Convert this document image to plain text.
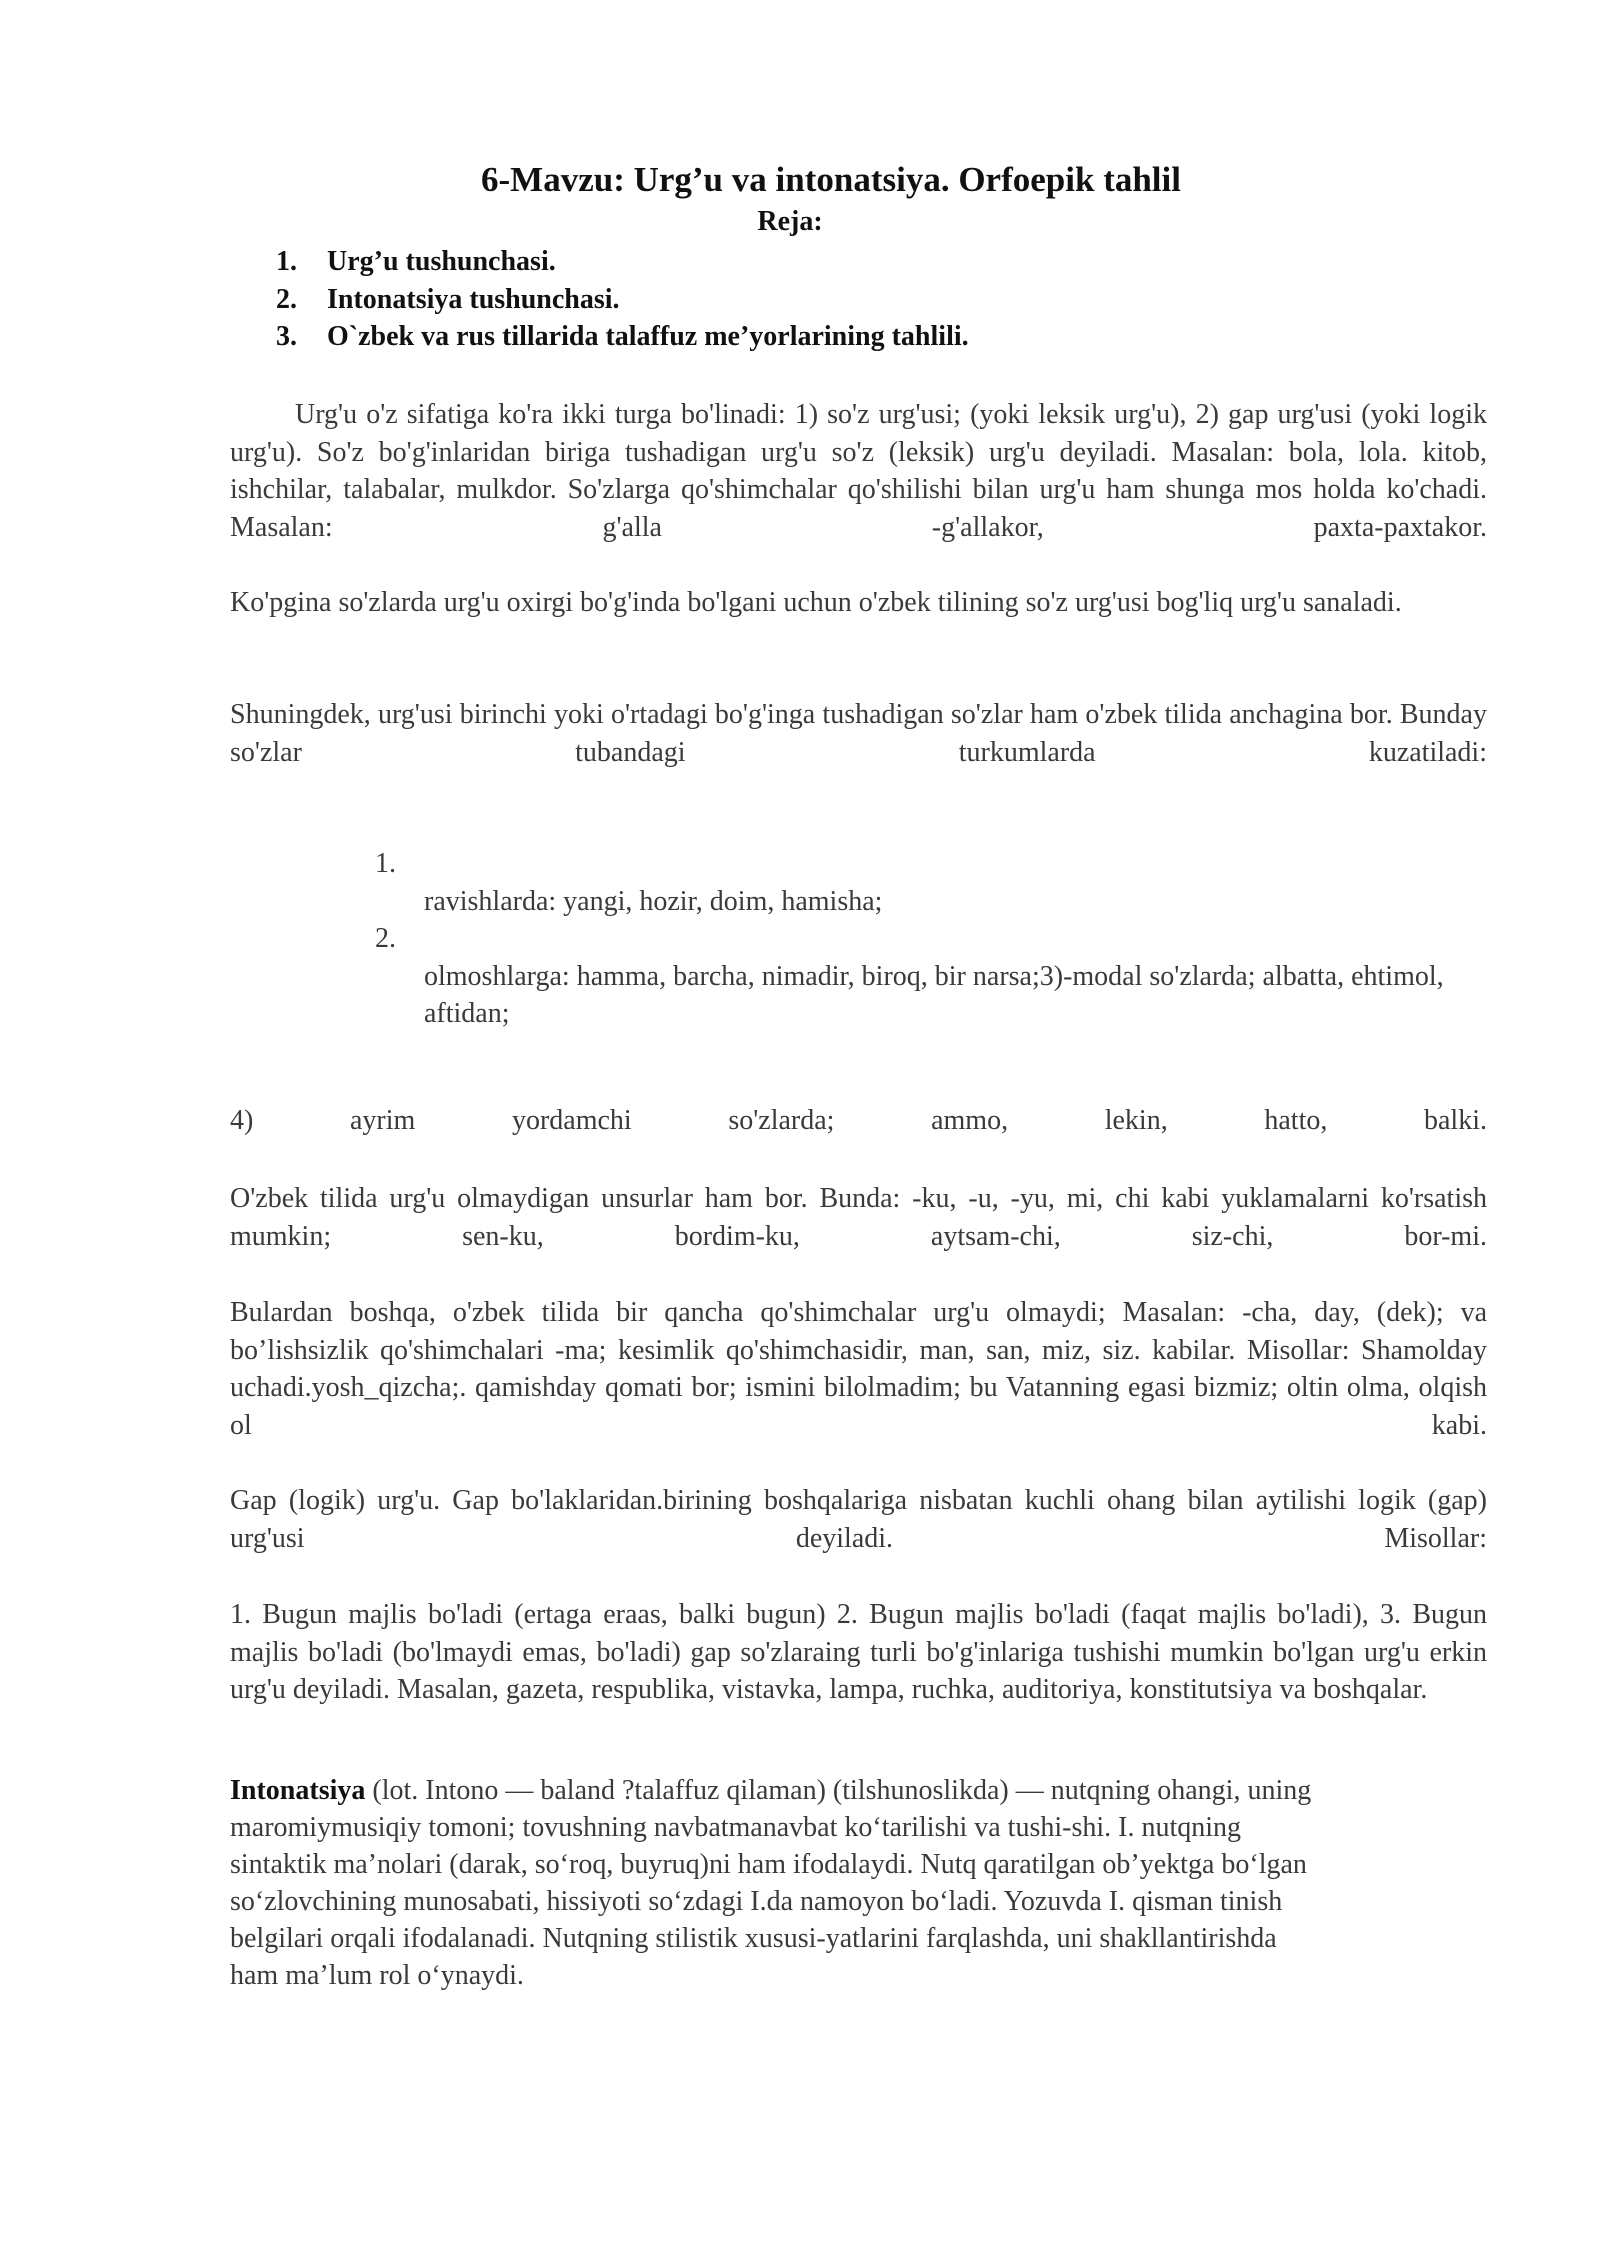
6-Mavzu: Urg’u va intonatsiya. Orfoepik tahlil
Reja:
1.	Urg’u tushunchasi.
2.	Intonatsiya tushunchasi.
3.	O`zbek va rus tillarida talaffuz me’yorlarining tahlili.

Urg'u o'z sifatiga ko'ra ikki turga bo'linadi: 1) so'z urg'usi; (yoki leksik urg'u), 2) gap urg'usi (yoki logik urg'u). So'z bo'g'inlaridan biriga tushadigan urg'u so'z (leksik) urg'u deyiladi. Masalan: bola, lola. kitob, ishchilar, talabalar, mulkdor. So'zlarga qo'shimchalar qo'shilishi bilan urg'u ham shunga mos holda ko'chadi. Masalan: g'alla -g'allakor, paxta-paxtakor.

Ko'pgina so'zlarda urg'u oxirgi bo'g'inda bo'lgani uchun o'zbek tilining so'z urg'usi bog'liq urg'u sanaladi.

Shuningdek, urg'usi birinchi yoki o'rtadagi bo'g'inga tushadigan so'zlar ham o'zbek tilida anchagina bor. Bunday so'zlar tubandagi turkumlarda kuzatiladi:

1.
ravishlarda: yangi, hozir, doim, hamisha;
2.
olmoshlarga: hamma, barcha, nimadir, biroq, bir narsa;3)-modal so'zlarda; albatta, ehtimol, aftidan;

4) ayrim yordamchi so'zlarda; ammo, lekin, hatto, balki.

O'zbek tilida urg'u olmaydigan unsurlar ham bor. Bunda: -ku, -u, -yu, mi, chi kabi yuklamalarni ko'rsatish mumkin; sen-ku, bordim-ku, aytsam-chi, siz-chi, bor-mi.

Bulardan boshqa, o'zbek tilida bir qancha qo'shimchalar urg'u olmaydi; Masalan: -cha, day, (dek); va bo’lishsizlik qo'shimchalari -ma; kesimlik qo'shimchasidir, man, san, miz, siz. kabilar. Misollar: Shamolday uchadi.yosh_qizcha;. qamishday qomati bor; ismini bilolmadim; bu Vatanning egasi bizmiz; oltin olma, olqish ol kabi.

Gap (logik) urg'u. Gap bo'laklaridan.birining boshqalariga nisbatan kuchli ohang bilan aytilishi logik (gap) urg'usi deyiladi. Misollar:

1. Bugun majlis bo'ladi (ertaga eraas, balki bugun) 2. Bugun majlis bo'ladi (faqat majlis bo'ladi), 3. Bugun majlis bo'ladi (bo'lmaydi emas, bo'ladi) gap so'zlaraing turli bo'g'inlariga tushishi mumkin bo'lgan urg'u erkin urg'u deyiladi. Masalan, gazeta, respublika, vistavka, lampa, ruchka, auditoriya, konstitutsiya va boshqalar.

Intonatsiya (lot. Intono — baland ?talaffuz qilaman) (tilshunoslikda) — nutqning ohangi, uning
maromiymusiqiy tomoni; tovushning navbatmanavbat ko‘tarilishi va tushi-shi. I. nutqning
sintaktik ma’nolari (darak, so‘roq, buyruq)ni ham ifodalaydi. Nutq qaratilgan ob’yektga bo‘lgan
so‘zlovchining munosabati, hissiyoti so‘zdagi I.da namoyon bo‘ladi. Yozuvda I. qisman tinish
belgilari orqali ifodalanadi. Nutqning stilistik xususi-yatlarini farqlashda, uni shakllantirishda
ham ma’lum rol o‘ynaydi.
